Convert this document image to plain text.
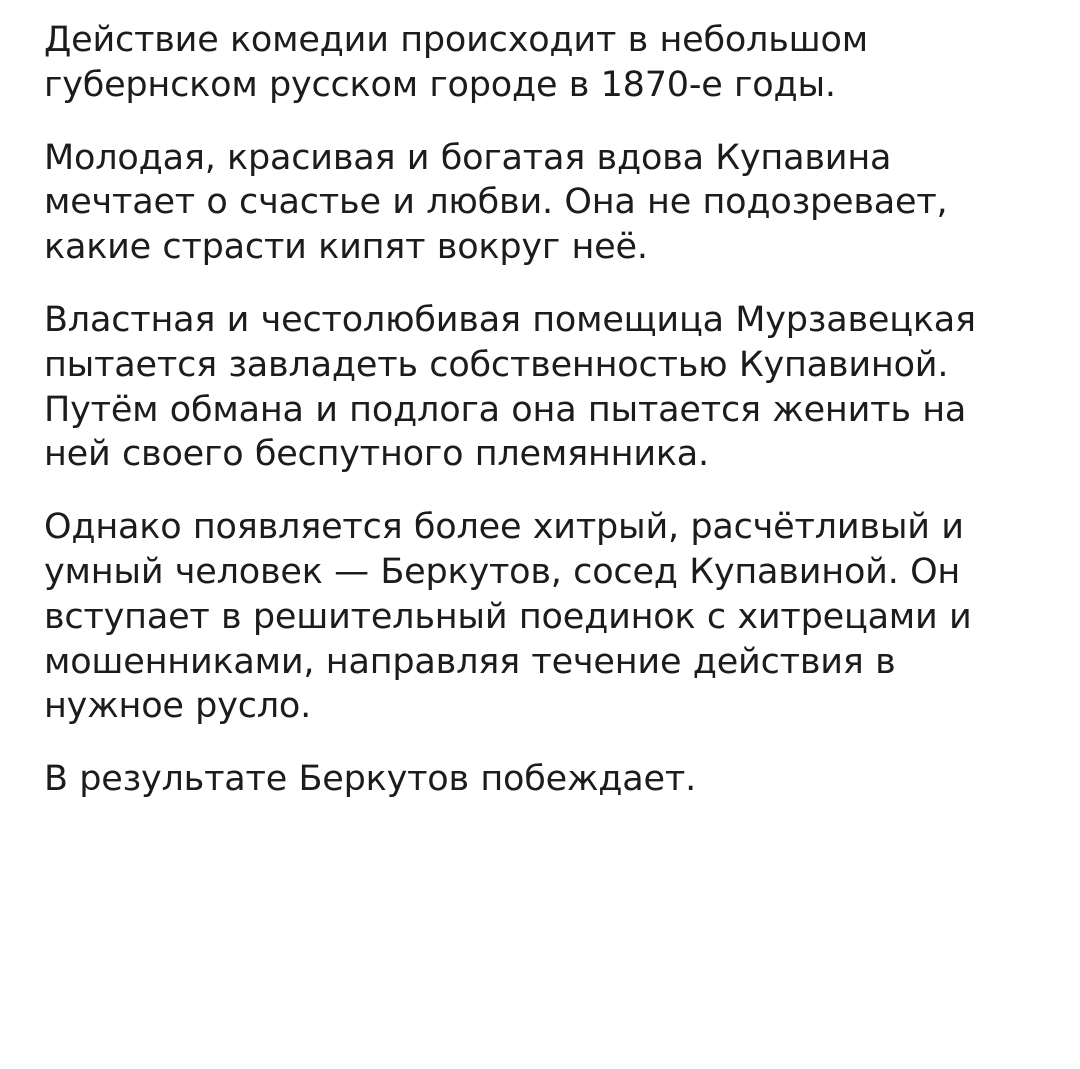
Действие комедии происходит в небольшом губернском русском городе в 1870-е годы.

Молодая, красивая и богатая вдова Купавина мечтает о счастье и любви. Она не подозревает, какие страсти кипят вокруг неё.

Властная и честолюбивая помещица Мурзавецкая пытается завладеть собственностью Купавиной. Путём обмана и подлога она пытается женить на ней своего беспутного племянника.

Однако появляется более хитрый, расчётливый и умный человек — Беркутов, сосед Купавиной. Он вступает в решительный поединок с хитрецами и мошенниками, направляя течение действия в нужное русло.

В результате Беркутов побеждает.
